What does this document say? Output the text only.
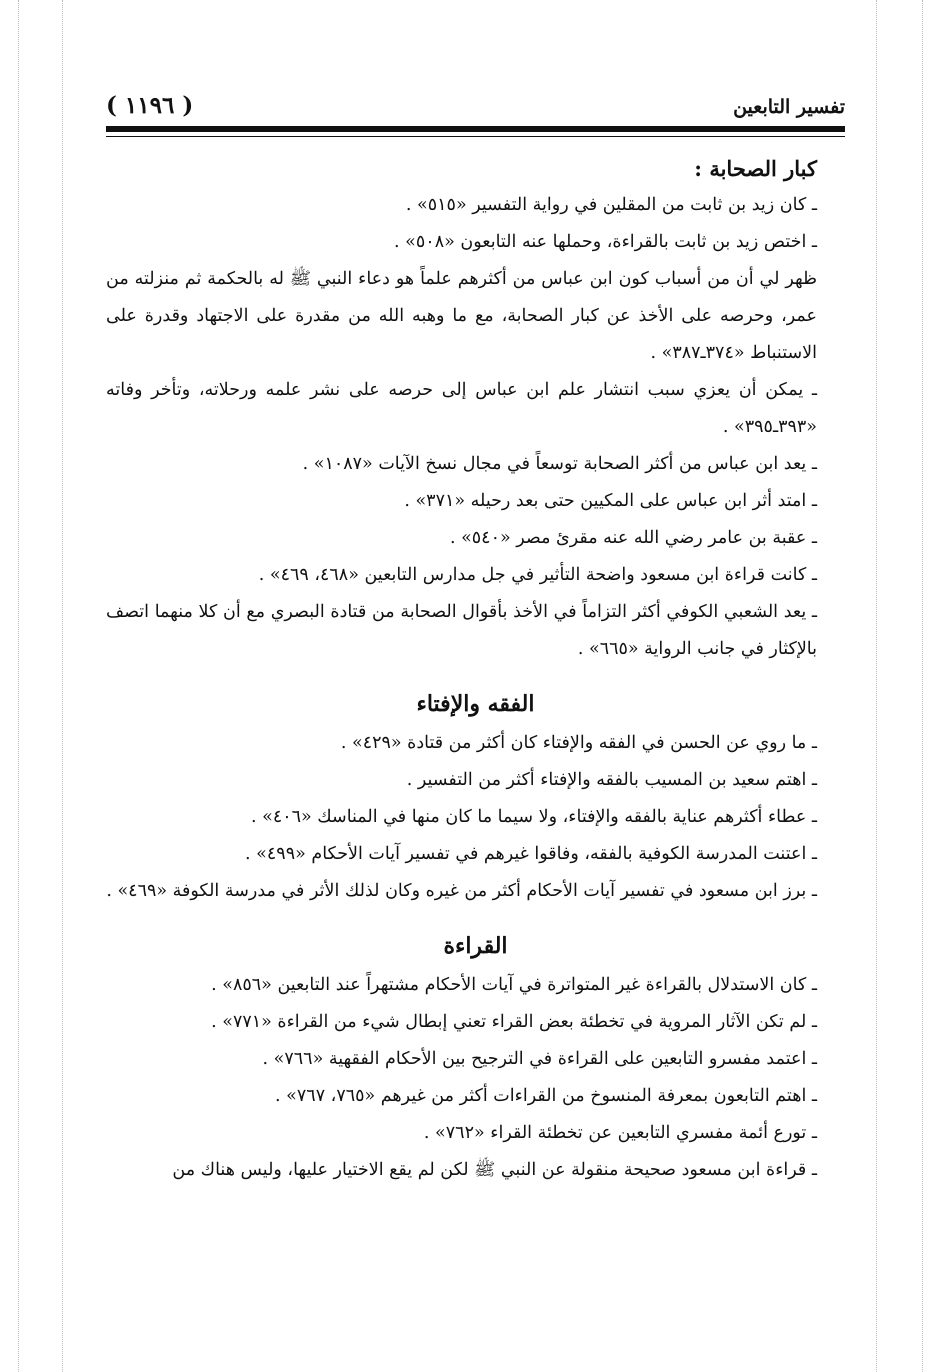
( ١١٩٦ )	تفسير التابعين
كبار الصحابة :
ـ كان زيد بن ثابت من المقلين في رواية التفسير «٥١٥» .
ـ اختص زيد بن ثابت بالقراءة، وحملها عنه التابعون «٥٠٨» .
ظهر لي أن من أسباب كون ابن عباس من أكثرهم علماً هو دعاء النبي ﷺ له بالحكمة ثم منزلته من عمر، وحرصه على الأخذ عن كبار الصحابة، مع ما وهبه الله من مقدرة على الاجتهاد وقدرة على الاستنباط «٣٧٤ـ٣٨٧» .
ـ يمكن أن يعزي سبب انتشار علم ابن عباس إلى حرصه على نشر علمه ورحلاته، وتأخر وفاته «٣٩٣ـ٣٩٥» .
ـ يعد ابن عباس من أكثر الصحابة توسعاً في مجال نسخ الآيات «١٠٨٧» .
ـ امتد أثر ابن عباس على المكيين حتى بعد رحيله «٣٧١» .
ـ عقبة بن عامر رضي الله عنه مقرئ مصر «٥٤٠» .
ـ كانت قراءة ابن مسعود واضحة التأثير في جل مدارس التابعين «٤٦٨، ٤٦٩» .
ـ يعد الشعبي الكوفي أكثر التزاماً في الأخذ بأقوال الصحابة من قتادة البصري مع أن كلا منهما اتصف بالإكثار في جانب الرواية «٦٦٥» .
الفقه والإفتاء
ـ ما روي عن الحسن في الفقه والإفتاء كان أكثر من قتادة «٤٢٩» .
ـ اهتم سعيد بن المسيب بالفقه والإفتاء أكثر من التفسير .
ـ عطاء أكثرهم عناية بالفقه والإفتاء، ولا سيما ما كان منها في المناسك «٤٠٦» .
ـ اعتنت المدرسة الكوفية بالفقه، وفاقوا غيرهم في تفسير آيات الأحكام «٤٩٩» .
ـ برز ابن مسعود في تفسير آيات الأحكام أكثر من غيره وكان لذلك الأثر في مدرسة الكوفة «٤٦٩» .
القراءة
ـ كان الاستدلال بالقراءة غير المتواترة في آيات الأحكام مشتهراً عند التابعين «٨٥٦» .
ـ لم تكن الآثار المروية في تخطئة بعض القراء تعني إبطال شيء من القراءة «٧٧١» .
ـ اعتمد مفسرو التابعين على القراءة في الترجيح بين الأحكام الفقهية «٧٦٦» .
ـ اهتم التابعون بمعرفة المنسوخ من القراءات أكثر من غيرهم «٧٦٥، ٧٦٧» .
ـ تورع أئمة مفسري التابعين عن تخطئة القراء «٧٦٢» .
ـ قراءة ابن مسعود صحيحة منقولة عن النبي ﷺ لكن لم يقع الاختيار عليها، وليس هناك من
